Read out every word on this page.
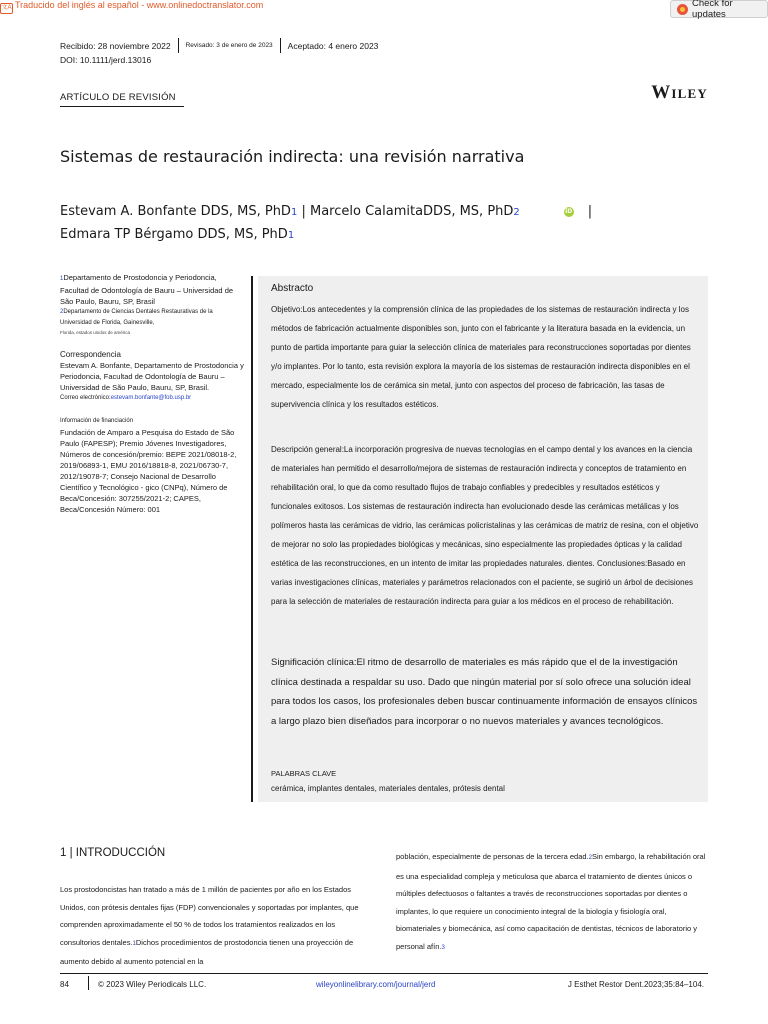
文A Traducido del inglés al español - www.onlinedoctranslator.com	Check for updates
Recibido: 28 noviembre 2022 Revisado: 3 de enero de 2023 Aceptado: 4 enero 2023
DOI: 10.1111/jerd.13016
ARTÍCULO DE REVISIÓN	Wiley
Sistemas de restauración indirecta: una revisión narrativa
Estevam A. Bonfante DDS, MS, PhD1 | Marcelo CalamitaDDS, MS, PhD2	iD |
Edmara TP Bérgamo DDS, MS, PhD1
1Departamento de Prostodoncia y Periodoncia, Facultad de Odontología de Bauru – Universidad de São Paulo, Bauru, SP, Brasil
2Departamento de Ciencias Dentales Restaurativas de la Universidad de Florida, Gainesville,
Florida, estados unidos de américa
Correspondencia
Estevam A. Bonfante, Departamento de Prostodoncia y Periodoncia, Facultad de Odontología de Bauru – Universidad de São Paulo, Bauru, SP, Brasil.
Correo electrónico:estevam.bonfante@fob.usp.br
Información de financiación
Fundación de Amparo a Pesquisa do Estado de São Paulo (FAPESP); Premio Jóvenes Investigadores, Números de concesión/premio: BEPE 2021/08018-2, 2019/06893-1, EMU 2016/18818-8, 2021/06730-7, 2012/19078-7; Consejo Nacional de Desarrollo Científico y Tecnológico - gico (CNPq), Número de Beca/Concesión: 307255/2021-2; CAPES, Beca/Concesión Número: 001
Abstracto
Objetivo:Los antecedentes y la comprensión clínica de las propiedades de los sistemas de restauración indirecta y los métodos de fabricación actualmente disponibles son, junto con el fabricante y la literatura basada en la evidencia, un punto de partida importante para guiar la selección clínica de materiales para reconstrucciones soportadas por dientes y/o implantes. Por lo tanto, esta revisión explora la mayoría de los sistemas de restauración indirecta disponibles en el mercado, especialmente los de cerámica sin metal, junto con aspectos del proceso de fabricación, las tasas de supervivencia clínica y los resultados estéticos.
Descripción general:La incorporación progresiva de nuevas tecnologías en el campo dental y los avances en la ciencia de materiales han permitido el desarrollo/mejora de sistemas de restauración indirecta y conceptos de tratamiento en rehabilitación oral, lo que da como resultado flujos de trabajo confiables y predecibles y resultados estéticos y funcionales exitosos. Los sistemas de restauración indirecta han evolucionado desde las cerámicas metálicas y los polímeros hasta las cerámicas de vidrio, las cerámicas policristalinas y las cerámicas de matriz de resina, con el objetivo de mejorar no solo las propiedades biológicas y mecánicas, sino especialmente las propiedades ópticas y la calidad estética de las reconstrucciones, en un intento de imitar las propiedades naturales. dientes. Conclusiones:Basado en varias investigaciones clínicas, materiales y parámetros relacionados con el paciente, se sugirió un árbol de decisiones para la selección de materiales de restauración indirecta para guiar a los médicos en el proceso de rehabilitación.
Significación clínica:El ritmo de desarrollo de materiales es más rápido que el de la investigación clínica destinada a respaldar su uso. Dado que ningún material por sí solo ofrece una solución ideal para todos los casos, los profesionales deben buscar continuamente información de ensayos clínicos a largo plazo bien diseñados para incorporar o no nuevos materiales y avances tecnológicos.
PALABRAS CLAVE
cerámica, implantes dentales, materiales dentales, prótesis dental
1 | INTRODUCCIÓN
Los prostodoncistas han tratado a más de 1 millón de pacientes por año en los Estados Unidos, con prótesis dentales fijas (FDP) convencionales y soportadas por implantes, que comprenden aproximadamente el 50 % de todos los tratamientos realizados en los consultorios dentales.1Dichos procedimientos de prostodoncia tienen una proyección de aumento debido al aumento potencial en la
población, especialmente de personas de la tercera edad.2Sin embargo, la rehabilitación oral es una especialidad compleja y meticulosa que abarca el tratamiento de dientes únicos o múltiples defectuosos o faltantes a través de reconstrucciones soportadas por dientes o implantes, lo que requiere un conocimiento integral de la biología y fisiología oral, biomateriales y biomecánica, así como capacitación de dentistas, técnicos de laboratorio y personal afín.3
84	© 2023 Wiley Periodicals LLC.	wileyonlinelibrary.com/journal/jerd	J Esthet Restor Dent.2023;35:84–104.
